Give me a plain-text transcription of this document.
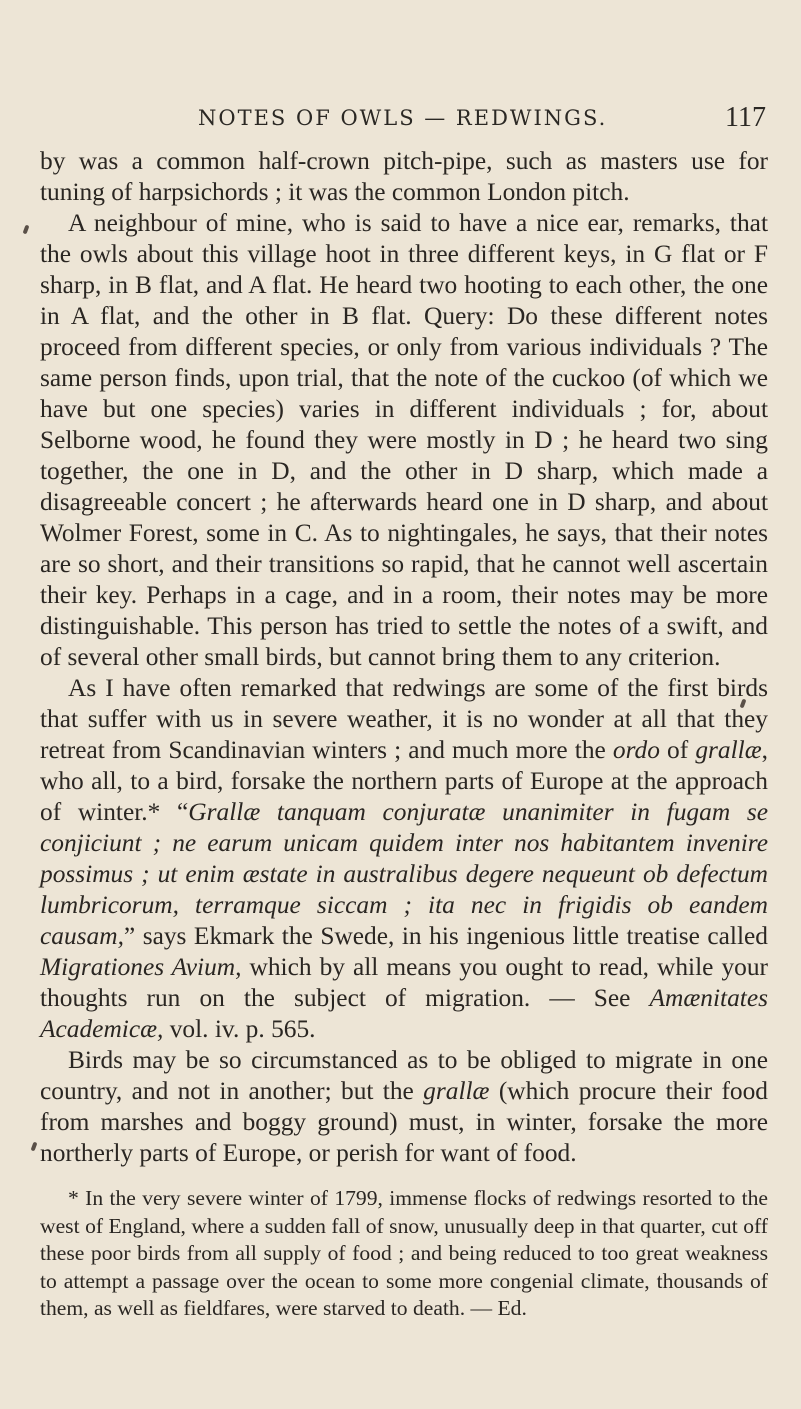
NOTES OF OWLS — REDWINGS.	117

by was a common half-crown pitch-pipe, such as masters use for tuning of harpsichords ; it was the common London pitch.

A neighbour of mine, who is said to have a nice ear, remarks, that the owls about this village hoot in three different keys, in G flat or F sharp, in B flat, and A flat. He heard two hooting to each other, the one in A flat, and the other in B flat. Query: Do these different notes proceed from different species, or only from various individuals ? The same person finds, upon trial, that the note of the cuckoo (of which we have but one species) varies in different individuals ; for, about Selborne wood, he found they were mostly in D ; he heard two sing together, the one in D, and the other in D sharp, which made a disagreeable concert ; he afterwards heard one in D sharp, and about Wolmer Forest, some in C. As to nightingales, he says, that their notes are so short, and their transitions so rapid, that he cannot well ascertain their key. Perhaps in a cage, and in a room, their notes may be more distinguishable. This person has tried to settle the notes of a swift, and of several other small birds, but cannot bring them to any criterion.

As I have often remarked that redwings are some of the first birds that suffer with us in severe weather, it is no wonder at all that they retreat from Scandinavian winters ; and much more the ordo of grallæ, who all, to a bird, forsake the northern parts of Europe at the approach of winter.* “Grallæ tanquam conjuratæ unanimiter in fugam se conjiciunt ; ne earum unicam quidem inter nos habitantem invenire possimus ; ut enim æstate in australibus degere nequeunt ob defectum lumbricorum, terramque siccam ; ita nec in frigidis ob eandem causam,” says Ekmark the Swede, in his ingenious little treatise called Migrationes Avium, which by all means you ought to read, while your thoughts run on the subject of migration. — See Amænitates Academicæ, vol. iv. p. 565.

Birds may be so circumstanced as to be obliged to migrate in one country, and not in another; but the grallæ (which procure their food from marshes and boggy ground) must, in winter, forsake the more northerly parts of Europe, or perish for want of food.

* In the very severe winter of 1799, immense flocks of redwings resorted to the west of England, where a sudden fall of snow, unusually deep in that quarter, cut off these poor birds from all supply of food ; and being reduced to too great weakness to attempt a passage over the ocean to some more congenial climate, thousands of them, as well as fieldfares, were starved to death. — Ed.
